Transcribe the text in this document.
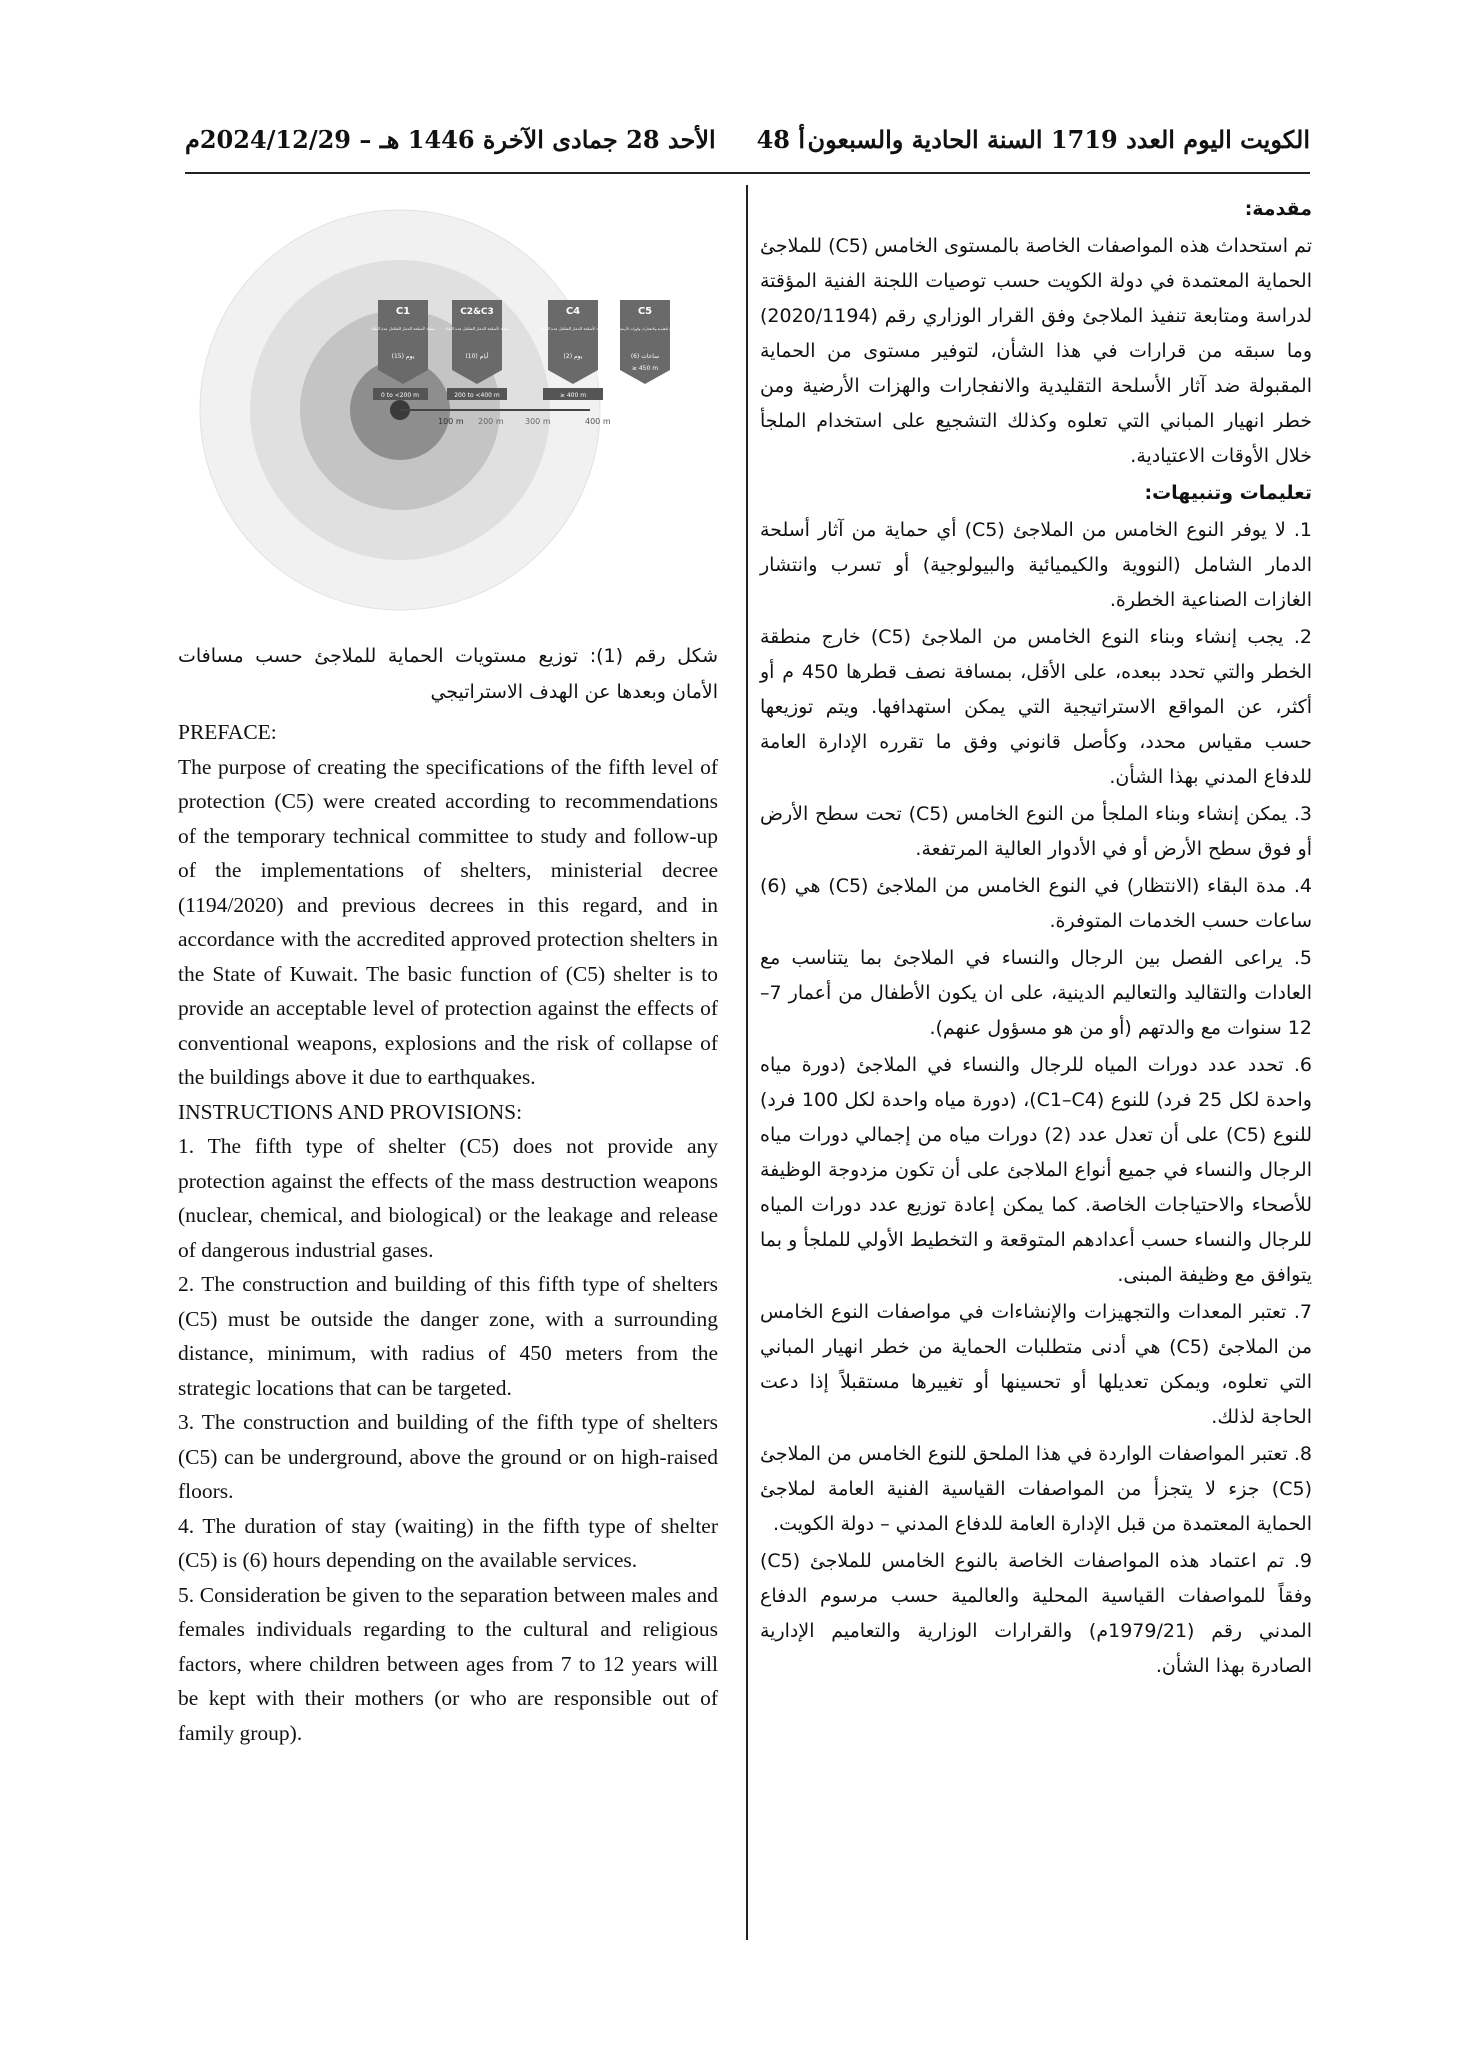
الكويت اليوم العدد 1719 السنة الحادية والسبعون
أ 48
الأحد 28 جمادى الآخرة 1446 هـ – 2024/12/29م

مقدمة:

تم استحداث هذه المواصفات الخاصة بالمستوى الخامس (C5) للملاجئ الحماية المعتمدة في دولة الكويت حسب توصيات اللجنة الفنية المؤقتة لدراسة ومتابعة تنفيذ الملاجئ وفق القرار الوزاري رقم (2020/1194) وما سبقه من قرارات في هذا الشأن، لتوفير مستوى من الحماية المقبولة ضد آثار الأسلحة التقليدية والانفجارات والهزات الأرضية ومن خطر انهيار المباني التي تعلوه وكذلك التشجيع على استخدام الملجأ خلال الأوقات الاعتيادية.

تعليمات وتنبيهات:

1. لا يوفر النوع الخامس من الملاجئ (C5) أي حماية من آثار أسلحة الدمار الشامل (النووية والكيميائية والبيولوجية) أو تسرب وانتشار الغازات الصناعية الخطرة.

2. يجب إنشاء وبناء النوع الخامس من الملاجئ (C5) خارج منطقة الخطر والتي تحدد ببعده، على الأقل، بمسافة نصف قطرها 450 م أو أكثر، عن المواقع الاستراتيجية التي يمكن استهدافها. ويتم توزيعها حسب مقياس محدد، وكأصل قانوني وفق ما تقرره الإدارة العامة للدفاع المدني بهذا الشأن.

3. يمكن إنشاء وبناء الملجأ من النوع الخامس (C5) تحت سطح الأرض أو فوق سطح الأرض أو في الأدوار العالية المرتفعة.

4. مدة البقاء (الانتظار) في النوع الخامس من الملاجئ (C5) هي (6) ساعات حسب الخدمات المتوفرة.

5. يراعى الفصل بين الرجال والنساء في الملاجئ بما يتناسب مع العادات والتقاليد والتعاليم الدينية، على ان يكون الأطفال من أعمار 7–12 سنوات مع والدتهم (أو من هو مسؤول عنهم).

6. تحدد عدد دورات المياه للرجال والنساء في الملاجئ (دورة مياه واحدة لكل 25 فرد) للنوع (C1–C4)، (دورة مياه واحدة لكل 100 فرد) للنوع (C5) على أن تعدل عدد (2) دورات مياه من إجمالي دورات مياه الرجال والنساء في جميع أنواع الملاجئ على أن تكون مزدوجة الوظيفة للأصحاء والاحتياجات الخاصة. كما يمكن إعادة توزيع عدد دورات المياه للرجال والنساء حسب أعدادهم المتوقعة و التخطيط الأولي للملجأ و بما يتوافق مع وظيفة المبنى.

7. تعتبر المعدات والتجهيزات والإنشاءات في مواصفات النوع الخامس من الملاجئ (C5) هي أدنى متطلبات الحماية من خطر انهيار المباني التي تعلوه، ويمكن تعديلها أو تحسينها أو تغييرها مستقبلاً إذا دعت الحاجة لذلك.

8. تعتبر المواصفات الواردة في هذا الملحق للنوع الخامس من الملاجئ (C5) جزء لا يتجزأ من المواصفات القياسية الفنية العامة لملاجئ الحماية المعتمدة من قبل الإدارة العامة للدفاع المدني – دولة الكويت.

9. تم اعتماد هذه المواصفات الخاصة بالنوع الخامس للملاجئ (C5) وفقاً للمواصفات القياسية المحلية والعالمية حسب مرسوم الدفاع المدني رقم (1979/21م) والقرارات الوزارية والتعاميم الإدارية الصادرة بهذا الشأن.

100 m 200 m	300 m	400 m
C1
مضاد لأسلحة الدمار الشامل مدة البقاء
(15) يوم
0 to <200 m
C2&C3
مضاد لأسلحة الدمار الشامل مدة البقاء
(10) أيام
200 to <400 m
C4
مضاد لأسلحة الدمار الشامل مدة البقاء
(2) يوم
≥ 400 m
C5
مضاد للأسلحة التقليدية والانفجارات والهزات الأرضية مدة الانتظار
(6) ساعات
≥ 450 m
شكل رقم (1): توزيع مستويات الحماية للملاجئ حسب مسافات الأمان وبعدها عن الهدف الاستراتيجي

PREFACE:

The purpose of creating the specifications of the fifth level of protection (C5) were created according to recommendations of the temporary technical committee to study and follow-up of the implementations of shelters, ministerial decree (1194/2020) and previous decrees in this regard, and in accordance with the accredited approved protection shelters in the State of Kuwait. The basic function of (C5) shelter is to provide an acceptable level of protection against the effects of conventional weapons, explosions and the risk of collapse of the buildings above it due to earthquakes.

INSTRUCTIONS AND PROVISIONS:

1. The fifth type of shelter (C5) does not provide any protection against the effects of the mass destruction weapons (nuclear, chemical, and biological) or the leakage and release of dangerous industrial gases.

2. The construction and building of this fifth type of shelters (C5) must be outside the danger zone, with a surrounding distance, minimum, with radius of 450 meters from the strategic locations that can be targeted.

3. The construction and building of the fifth type of shelters (C5) can be underground, above the ground or on high-raised floors.

4. The duration of stay (waiting) in the fifth type of shelter (C5) is (6) hours depending on the available services.

5. Consideration be given to the separation between males and females individuals regarding to the cultural and religious factors, where children between ages from 7 to 12 years will be kept with their mothers (or who are responsible out of family group).
